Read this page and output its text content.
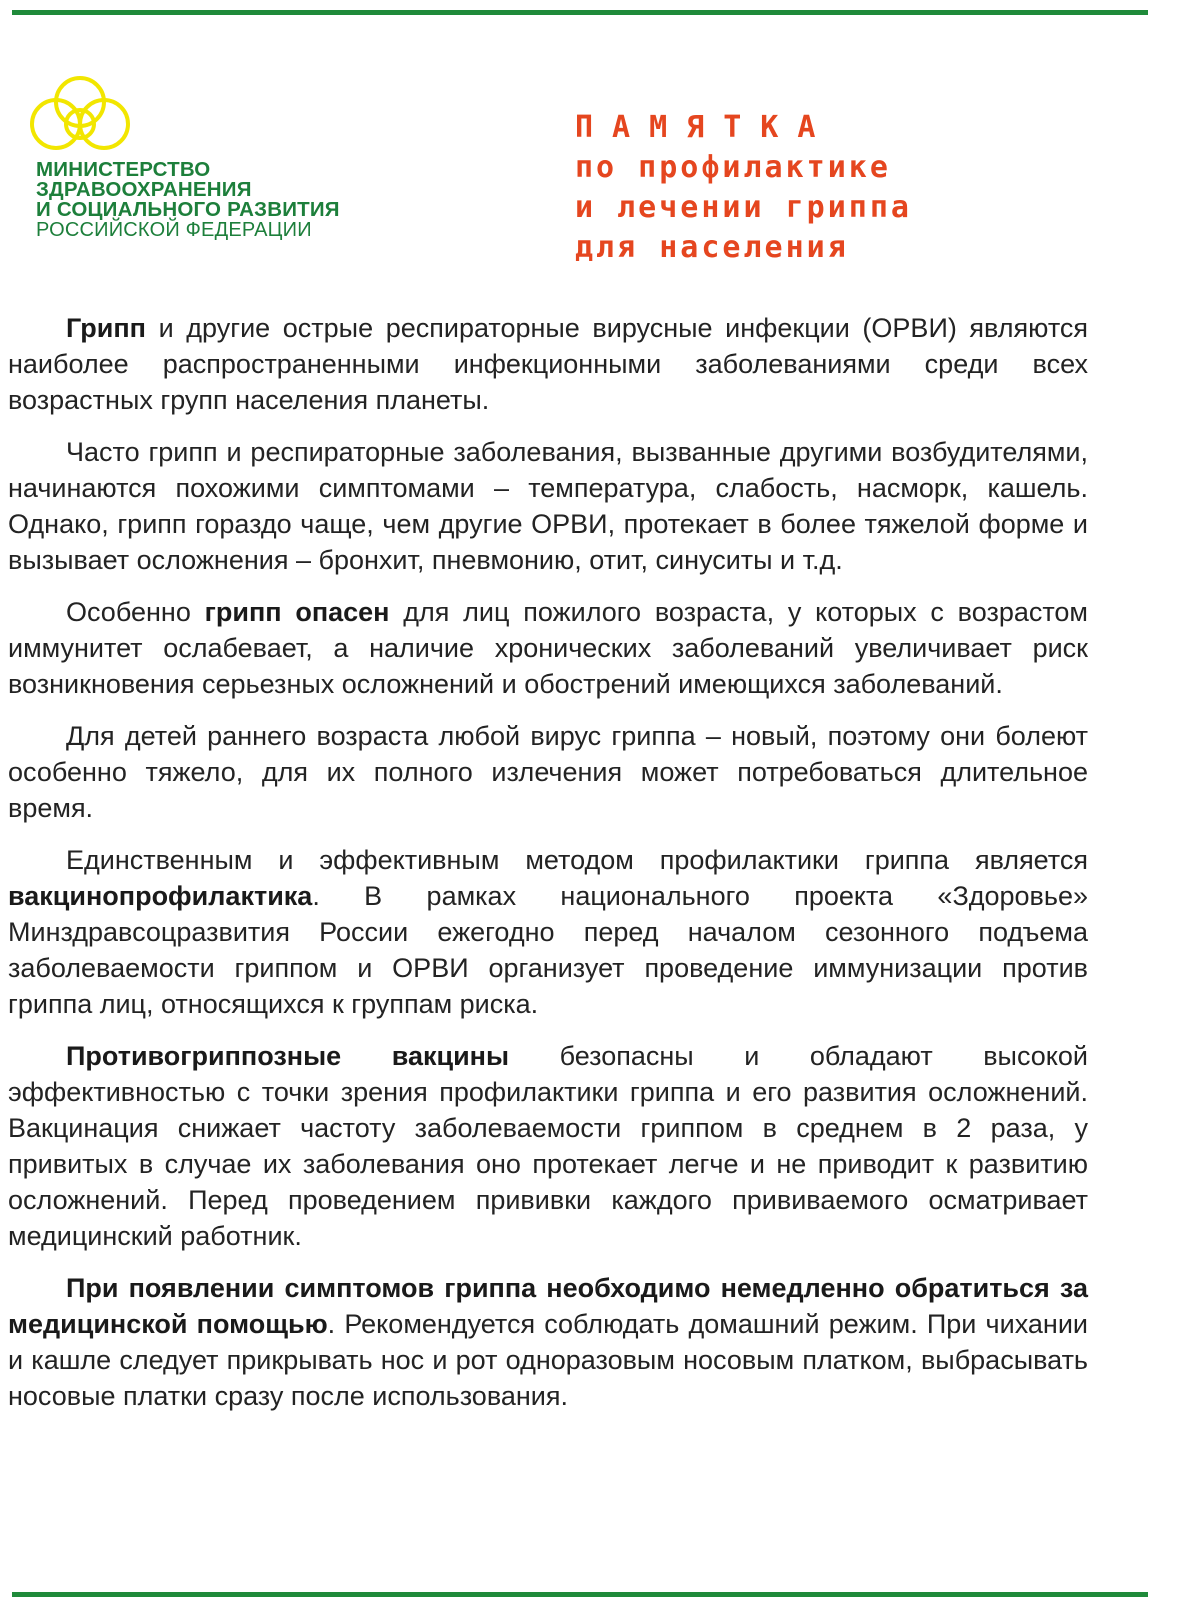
МИНИСТЕРСТВО
ЗДРАВООХРАНЕНИЯ
И СОЦИАЛЬНОГО РАЗВИТИЯ
РОССИЙСКОЙ ФЕДЕРАЦИИ
ПАМЯТКА
по профилактике
и лечении гриппа
для населения

Грипп и другие острые респираторные вирусные инфекции (ОРВИ) являются наиболее распространенными инфекционными заболеваниями среди всех возрастных групп населения планеты.

Часто грипп и респираторные заболевания, вызванные другими возбудителями, начинаются похожими симптомами – температура, слабость, насморк, кашель. Однако, грипп гораздо чаще, чем другие ОРВИ, протекает в более тяжелой форме и вызывает осложнения – бронхит, пневмонию, отит, синуситы и т.д.

Особенно грипп опасен для лиц пожилого возраста, у которых с возрастом иммунитет ослабевает, а наличие хронических заболеваний увеличивает риск возникновения серьезных осложнений и обострений имеющихся заболеваний.

Для детей раннего возраста любой вирус гриппа – новый, поэтому они болеют особенно тяжело, для их полного излечения может потребоваться длительное время.

Единственным и эффективным методом профилактики гриппа является вакцинопрофилактика. В рамках национального проекта «Здоровье» Минздравсоцразвития России ежегодно перед началом сезонного подъема заболеваемости гриппом и ОРВИ организует проведение иммунизации против гриппа лиц, относящихся к группам риска.

Противогриппозные вакцины безопасны и обладают высокой эффективностью с точки зрения профилактики гриппа и его развития осложнений. Вакцинация снижает частоту заболеваемости гриппом в среднем в 2 раза, у привитых в случае их заболевания оно протекает легче и не приводит к развитию осложнений. Перед проведением прививки каждого прививаемого осматривает медицинский работник.

При появлении симптомов гриппа необходимо немедленно обратиться за медицинской помощью. Рекомендуется соблюдать домашний режим. При чихании и кашле следует прикрывать нос и рот одноразовым носовым платком, выбрасывать носовые платки сразу после использования.
